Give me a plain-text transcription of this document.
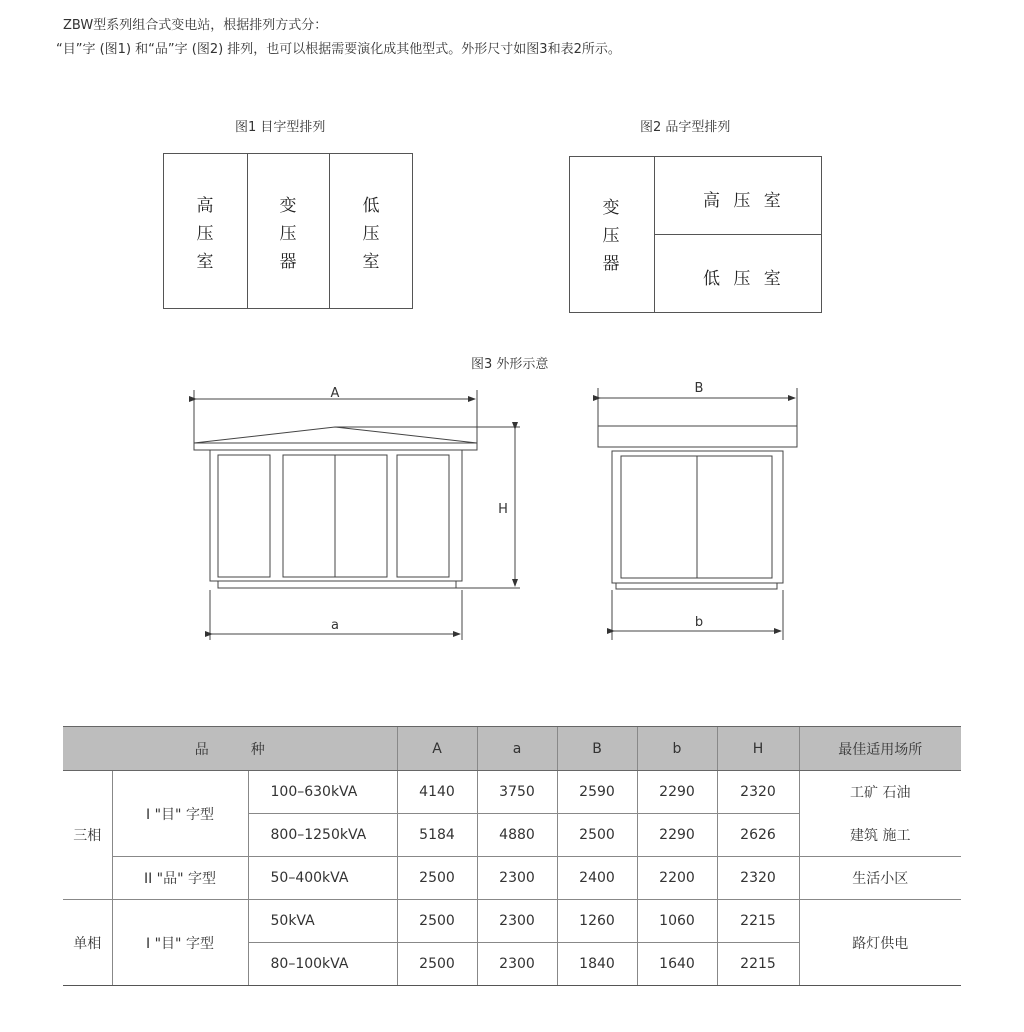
ZBW型系列组合式变电站，根据排列方式分：
“目”字 (图1) 和“品”字 (图2) 排列，也可以根据需要演化成其他型式。外形尺寸如图3和表2所示。
图1 目字型排列
高
压
室
变
压
器
低
压
室
图2 品字型排列
变
压
器
高 压 室
低 压 室
图3 外形示意
A
a
H
B
b
品　　　种			A	a	B	b	H	最佳适用场所
三相	I "目" 字型	100–630kVA	4140	3750	2590	2290	2320	工矿 石油
		800–1250kVA	5184	4880	2500	2290	2626	建筑 施工
	II "品" 字型	50–400kVA	2500	2300	2400	2200	2320	生活小区
单相	I "目" 字型	50kVA	2500	2300	1260	1060	2215	路灯供电
		80–100kVA	2500	2300	1840	1640	2215	
